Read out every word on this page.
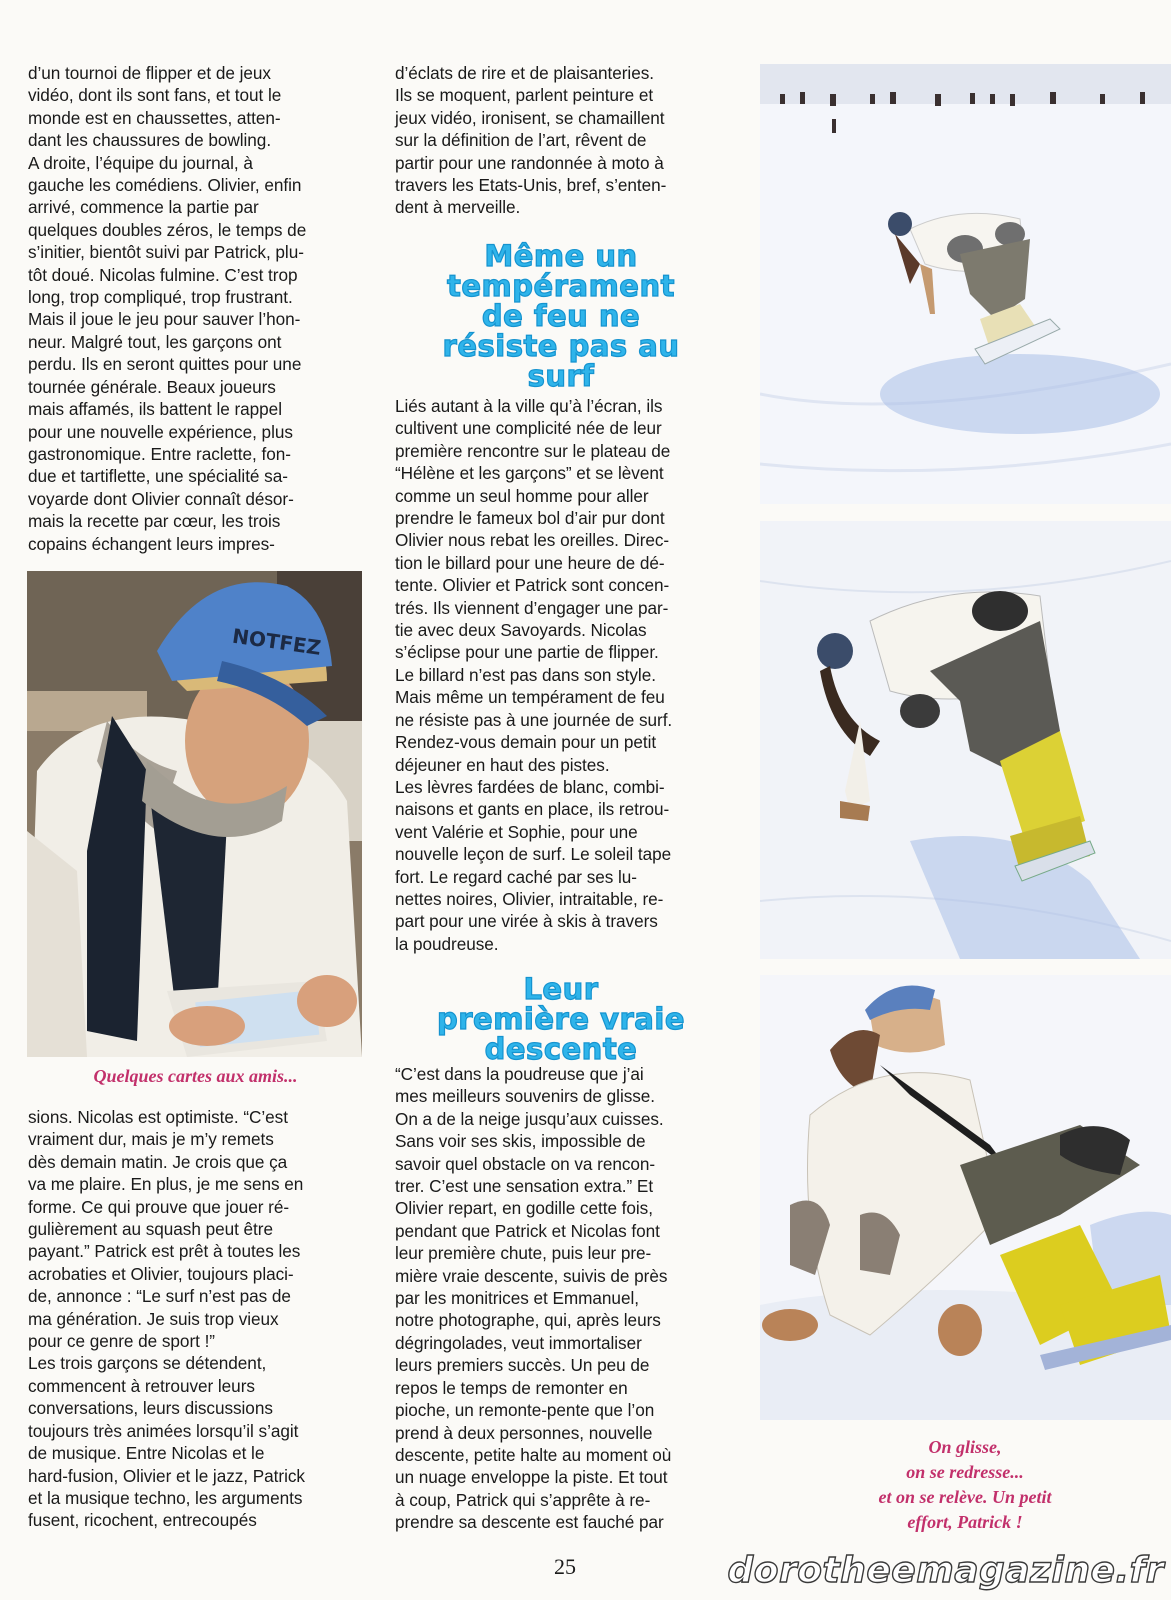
d’un tournoi de flipper et de jeux

vidéo, dont ils sont fans, et tout le

monde est en chaussettes, atten-

dant les chaussures de bowling.

A droite, l’équipe du journal, à

gauche les comédiens. Olivier, enfin

arrivé, commence la partie par

quelques doubles zéros, le temps de

s’initier, bientôt suivi par Patrick, plu-

tôt doué. Nicolas fulmine. C’est trop

long, trop compliqué, trop frustrant.

Mais il joue le jeu pour sauver l’hon-

neur. Malgré tout, les garçons ont

perdu. Ils en seront quittes pour une

tournée générale. Beaux joueurs

mais affamés, ils battent le rappel

pour une nouvelle expérience, plus

gastronomique. Entre raclette, fon-

due et tartiflette, une spécialité sa-

voyarde dont Olivier connaît désor-

mais la recette par cœur, les trois

copains échangent leurs impres-

NOTFEZ
Quelques cartes aux amis...

sions. Nicolas est optimiste. “C’est

vraiment dur, mais je m’y remets

dès demain matin. Je crois que ça

va me plaire. En plus, je me sens en

forme. Ce qui prouve que jouer ré-

gulièrement au squash peut être

payant.” Patrick est prêt à toutes les

acrobaties et Olivier, toujours placi-

de, annonce : “Le surf n’est pas de

ma génération. Je suis trop vieux

pour ce genre de sport !”

Les trois garçons se détendent,

commencent à retrouver leurs

conversations, leurs discussions

toujours très animées lorsqu’il s’agit

de musique. Entre Nicolas et le

hard-fusion, Olivier et le jazz, Patrick

et la musique techno, les arguments

fusent, ricochent, entrecoupés

d’éclats de rire et de plaisanteries.

Ils se moquent, parlent peinture et

jeux vidéo, ironisent, se chamaillent

sur la définition de l’art, rêvent de

partir pour une randonnée à moto à

travers les Etats-Unis, bref, s’enten-

dent à merveille.

Même un
tempérament
de feu ne
résiste pas au
surf

Liés autant à la ville qu’à l’écran, ils

cultivent une complicité née de leur

première rencontre sur le plateau de

“Hélène et les garçons” et se lèvent

comme un seul homme pour aller

prendre le fameux bol d’air pur dont

Olivier nous rebat les oreilles. Direc-

tion le billard pour une heure de dé-

tente. Olivier et Patrick sont concen-

trés. Ils viennent d’engager une par-

tie avec deux Savoyards. Nicolas

s’éclipse pour une partie de flipper.

Le billard n’est pas dans son style.

Mais même un tempérament de feu

ne résiste pas à une journée de surf.

Rendez-vous demain pour un petit

déjeuner en haut des pistes.

Les lèvres fardées de blanc, combi-

naisons et gants en place, ils retrou-

vent Valérie et Sophie, pour une

nouvelle leçon de surf. Le soleil tape

fort. Le regard caché par ses lu-

nettes noires, Olivier, intraitable, re-

part pour une virée à skis à travers

la poudreuse.

Leur
première vraie
descente

“C’est dans la poudreuse que j’ai

mes meilleurs souvenirs de glisse.

On a de la neige jusqu’aux cuisses.

Sans voir ses skis, impossible de

savoir quel obstacle on va rencon-

trer. C’est une sensation extra.” Et

Olivier repart, en godille cette fois,

pendant que Patrick et Nicolas font

leur première chute, puis leur pre-

mière vraie descente, suivis de près

par les monitrices et Emmanuel,

notre photographe, qui, après leurs

dégringolades, veut immortaliser

leurs premiers succès. Un peu de

repos le temps de remonter en

pioche, un remonte-pente que l’on

prend à deux personnes, nouvelle

descente, petite halte au moment où

un nuage enveloppe la piste. Et tout

à coup, Patrick qui s’apprête à re-

prendre sa descente est fauché par

On glisse,
on se redresse...
et on se relève. Un petit
effort, Patrick !
25	dorotheemagazine.fr
